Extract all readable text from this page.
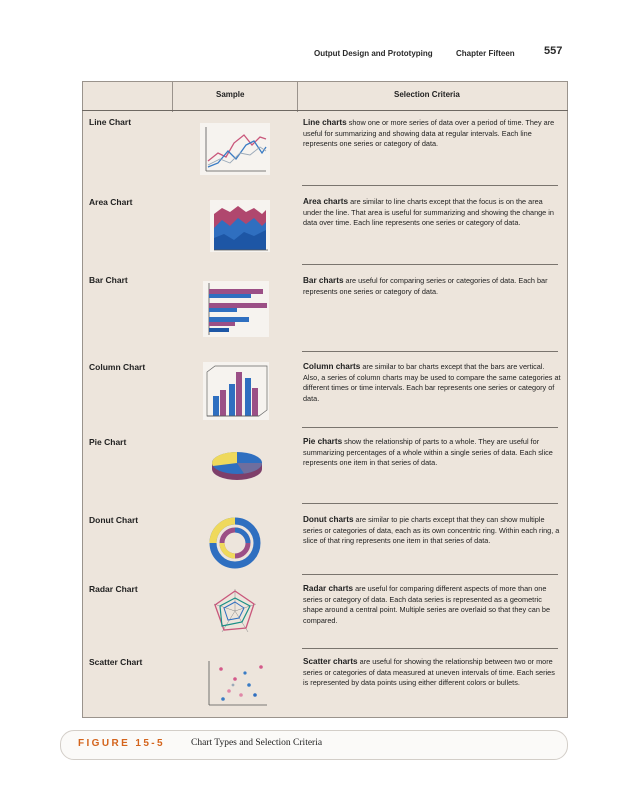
Output Design and Prototyping	Chapter Fifteen	557
Sample	Selection Criteria
Line Chart	Line charts show one or more series of data over a period of time. They are useful for summarizing and showing data at regular intervals. Each line represents one series or category of data.
Area Chart	Area charts are similar to line charts except that the focus is on the area under the line. That area is useful for summarizing and showing the change in data over time. Each line represents one series or category of data.
Bar Chart	Bar charts are useful for comparing series or categories of data. Each bar represents one series or category of data.
Column Chart	Column charts are similar to bar charts except that the bars are vertical. Also, a series of column charts may be used to compare the same categories at different times or time intervals. Each bar represents one series or category of data.
Pie Chart	Pie charts show the relationship of parts to a whole. They are useful for summarizing percentages of a whole within a single series of data. Each slice represents one item in that series of data.
Donut Chart	Donut charts are similar to pie charts except that they can show multiple series or categories of data, each as its own concentric ring. Within each ring, a slice of that ring represents one item in that series of data.
Radar Chart	Radar charts are useful for comparing different aspects of more than one series or category of data. Each data series is represented as a geometric shape around a central point. Multiple series are overlaid so that they can be compared.
Scatter Chart	Scatter charts are useful for showing the relationship between two or more series or categories of data measured at uneven intervals of time. Each series is represented by data points using either different colors or bullets.
FIGURE 15-5	Chart Types and Selection Criteria
